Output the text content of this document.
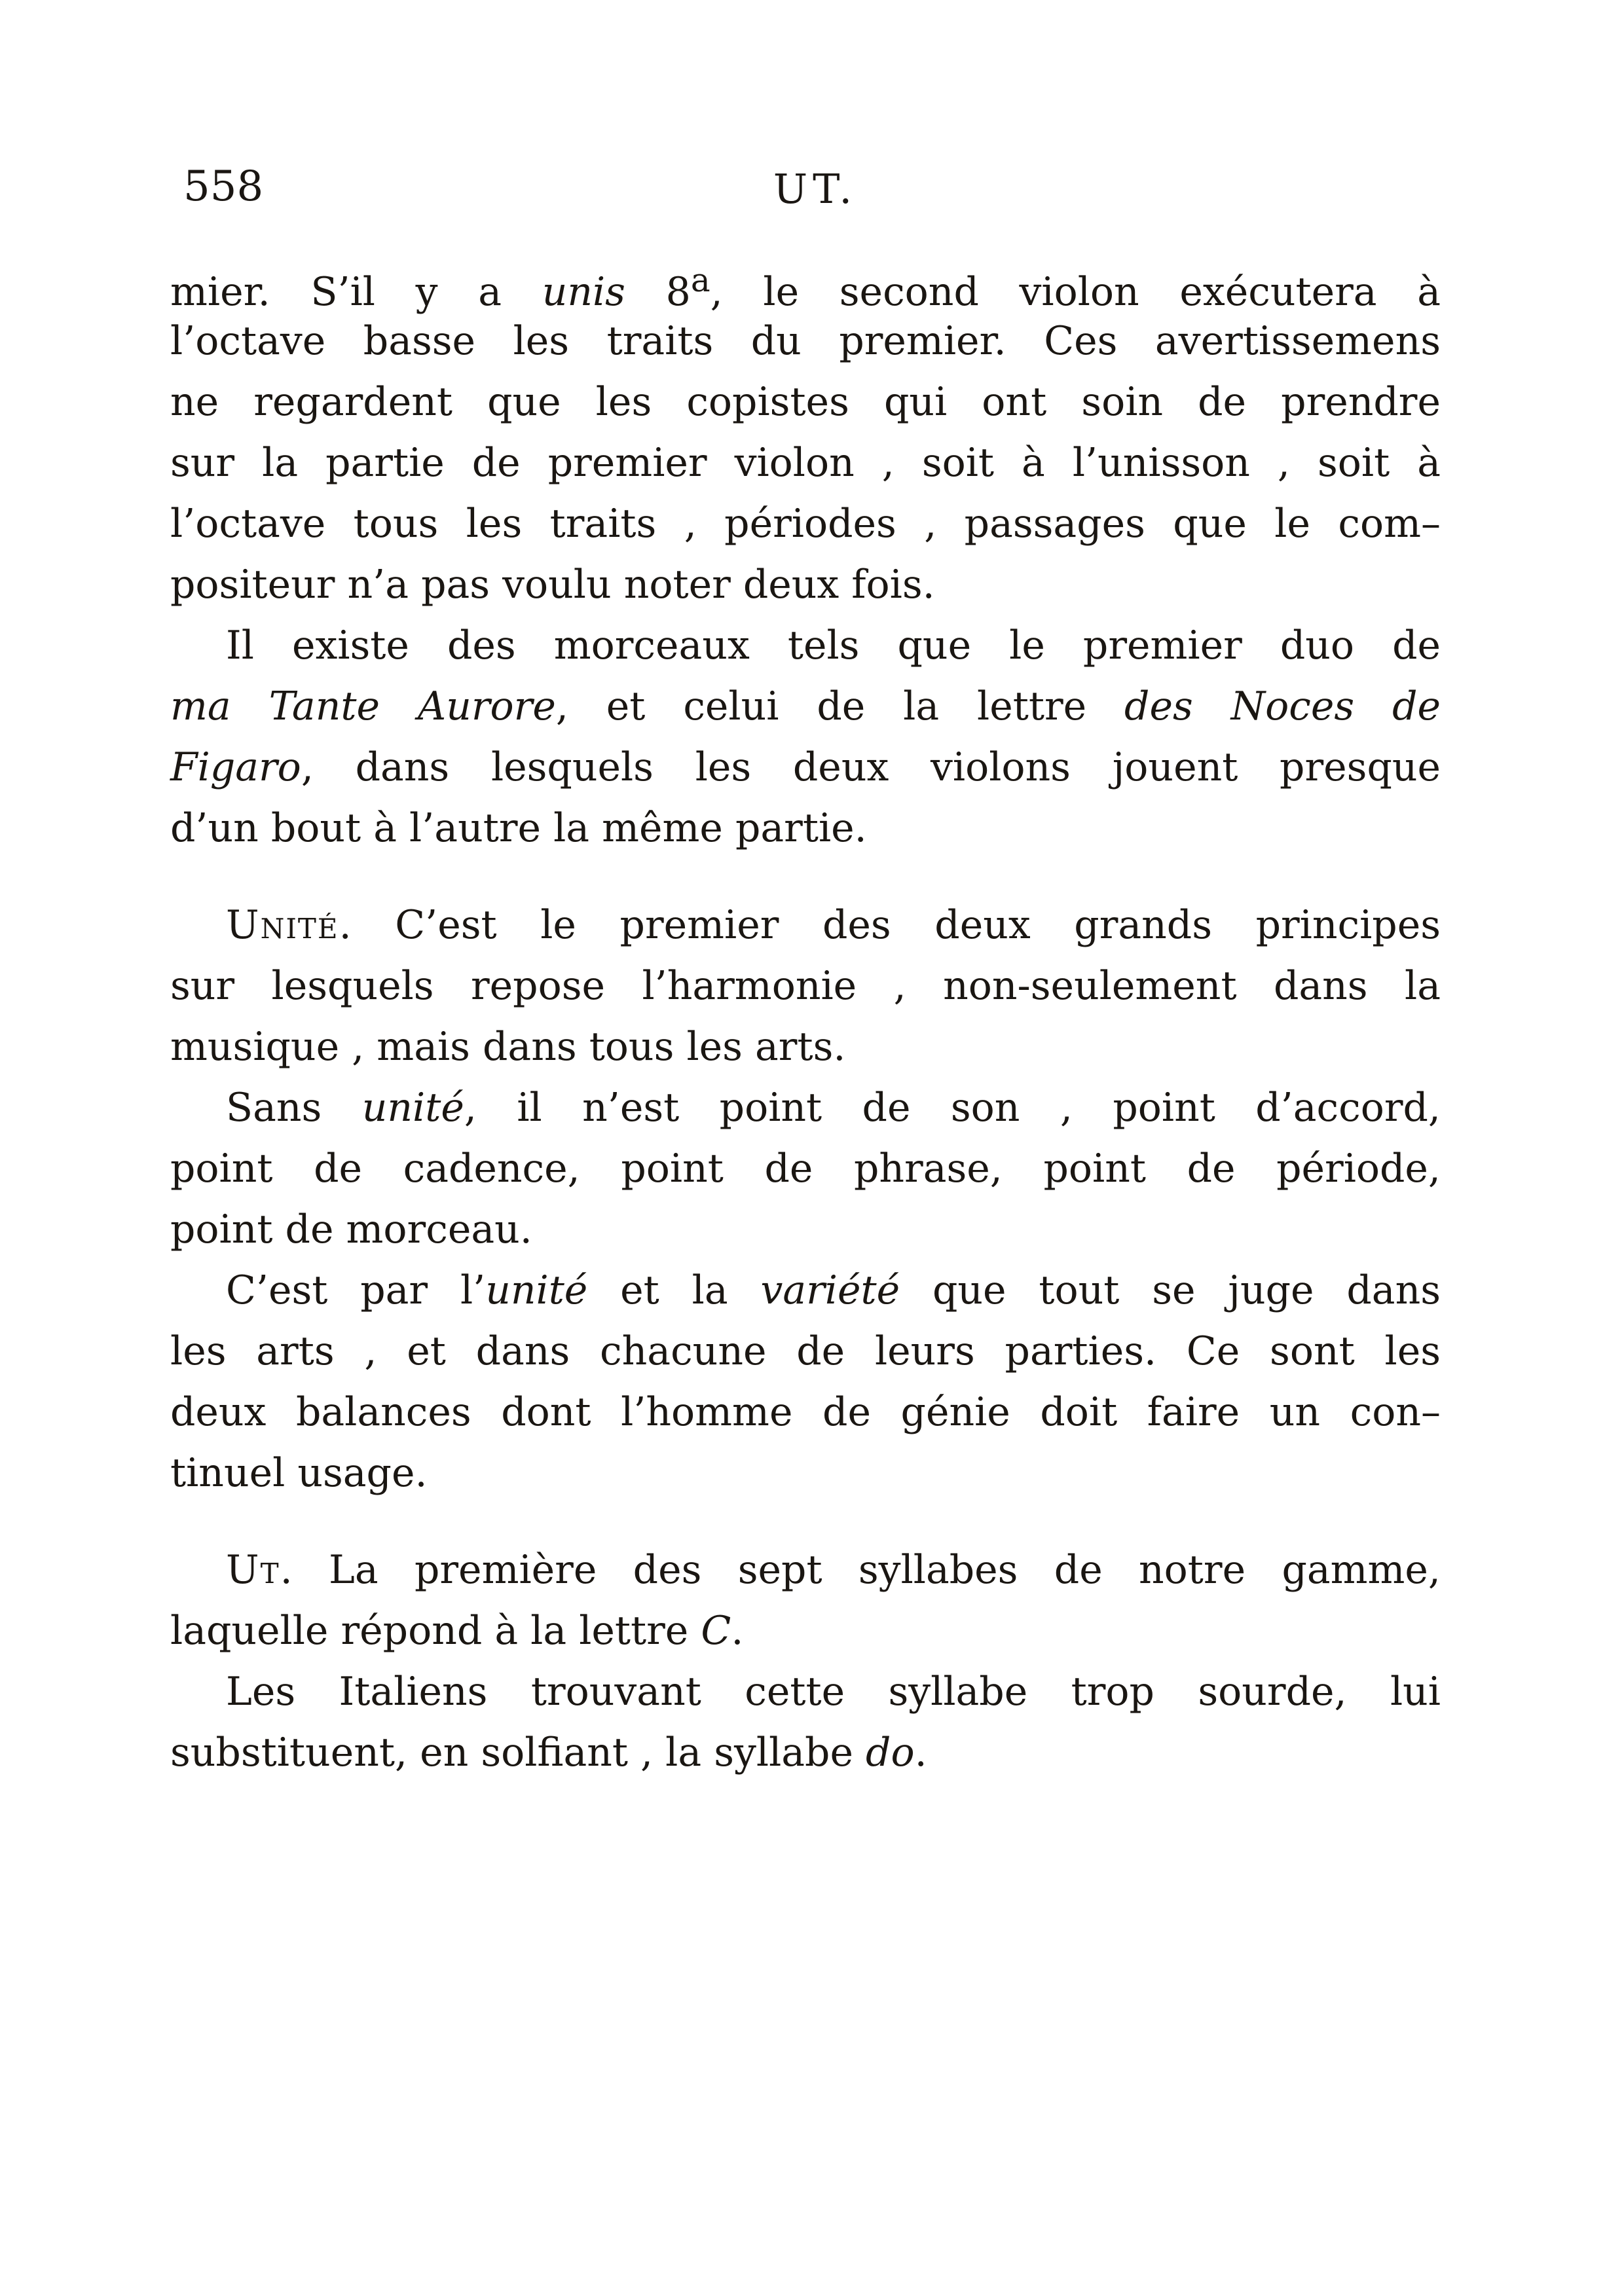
558	UT.
mier. S’il y a unis 8$^a$, le second violon exécutera à
l’octave basse les traits du premier. Ces avertissemens
ne regardent que les copistes qui ont soin de prendre
sur la partie de premier violon , soit à l’unisson , soit à
l’octave tous les traits , périodes , passages que le com–
positeur n’a pas voulu noter deux fois.
Il existe des morceaux tels que le premier duo de
ma Tante Aurore, et celui de la lettre des Noces de
Figaro, dans lesquels les deux violons jouent presque
d’un bout à l’autre la même partie.
Unité. C’est le premier des deux grands principes
sur lesquels repose l’harmonie , non-seulement dans la
musique , mais dans tous les arts.
Sans unité, il n’est point de son , point d’accord,
point de cadence, point de phrase, point de période,
point de morceau.
C’est par l’unité et la variété que tout se juge dans
les arts , et dans chacune de leurs parties. Ce sont les
deux balances dont l’homme de génie doit faire un con–
tinuel usage.
Ut. La première des sept syllabes de notre gamme,
laquelle répond à la lettre C.
Les Italiens trouvant cette syllabe trop sourde, lui
substituent, en solfiant , la syllabe do.
